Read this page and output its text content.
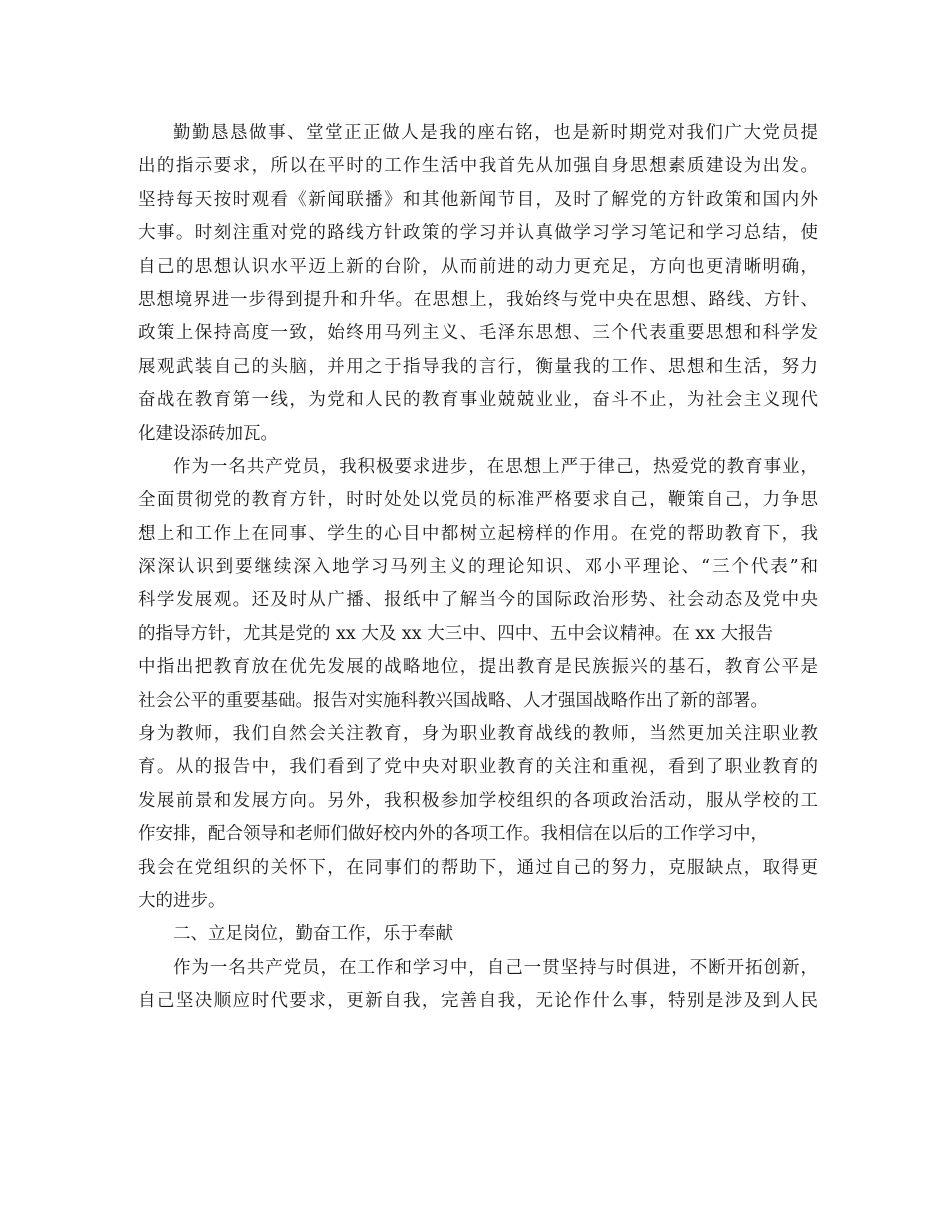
勤勤恳恳做事、堂堂正正做人是我的座右铭，也是新时期党对我们广大党员提
出的指示要求，所以在平时的工作生活中我首先从加强自身思想素质建设为出发。
坚持每天按时观看《新闻联播》和其他新闻节目，及时了解党的方针政策和国内外
大事。时刻注重对党的路线方针政策的学习并认真做学习学习笔记和学习总结，使
自己的思想认识水平迈上新的台阶，从而前进的动力更充足，方向也更清晰明确，
思想境界进一步得到提升和升华。在思想上，我始终与党中央在思想、路线、方针、
政策上保持高度一致，始终用马列主义、毛泽东思想、三个代表重要思想和科学发
展观武装自己的头脑，并用之于指导我的言行，衡量我的工作、思想和生活，努力
奋战在教育第一线，为党和人民的教育事业兢兢业业，奋斗不止，为社会主义现代
化建设添砖加瓦。
作为一名共产党员，我积极要求进步，在思想上严于律己，热爱党的教育事业，
全面贯彻党的教育方针，时时处处以党员的标准严格要求自己，鞭策自己，力争思
想上和工作上在同事、学生的心目中都树立起榜样的作用。在党的帮助教育下，我
深深认识到要继续深入地学习马列主义的理论知识、邓小平理论、“三个代表”和
科学发展观。还及时从广播、报纸中了解当今的国际政治形势、社会动态及党中央
的指导方针，尤其是党的 xx 大及 xx 大三中、四中、五中会议精神。在 xx 大报告
中指出把教育放在优先发展的战略地位，提出教育是民族振兴的基石，教育公平是
社会公平的重要基础。报告对实施科教兴国战略、人才强国战略作出了新的部署。
身为教师，我们自然会关注教育，身为职业教育战线的教师，当然更加关注职业教
育。从的报告中，我们看到了党中央对职业教育的关注和重视，看到了职业教育的
发展前景和发展方向。另外，我积极参加学校组织的各项政治活动，服从学校的工
作安排，配合领导和老师们做好校内外的各项工作。我相信在以后的工作学习中，
我会在党组织的关怀下，在同事们的帮助下，通过自己的努力，克服缺点，取得更
大的进步。
二、立足岗位，勤奋工作，乐于奉献
作为一名共产党员，在工作和学习中，自己一贯坚持与时俱进，不断开拓创新，
自己坚决顺应时代要求，更新自我，完善自我，无论作什么事，特别是涉及到人民
